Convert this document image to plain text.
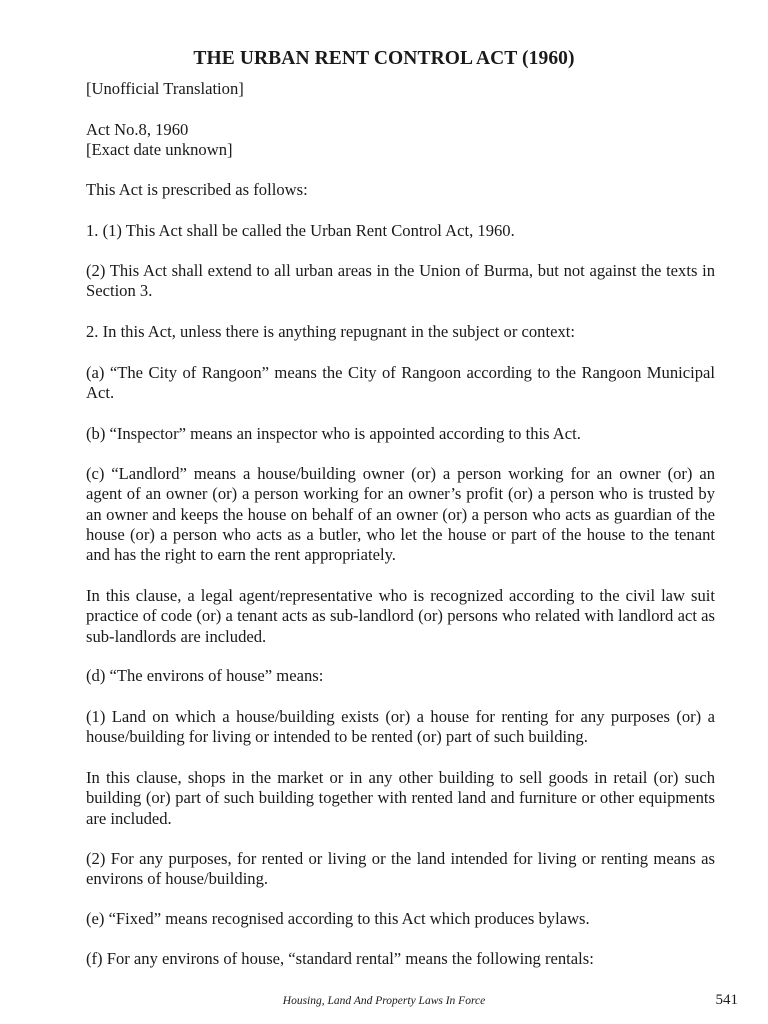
THE URBAN RENT CONTROL ACT (1960)

[Unofficial Translation]

Act No.8, 1960

[Exact date unknown]

This Act is prescribed as follows:

1. (1) This Act shall be called the Urban Rent Control Act, 1960.

(2) This Act shall extend to all urban areas in the Union of Burma, but not against the texts in Section 3.

2. In this Act, unless there is anything repugnant in the subject or context:

(a) “The City of Rangoon” means the City of Rangoon according to the Rangoon Municipal Act.

(b) “Inspector” means an inspector who is appointed according to this Act.

(c) “Landlord” means a house/building owner (or) a person working for an owner (or) an agent of an owner (or) a person working for an owner’s profit (or) a person who is trusted by an owner and keeps the house on behalf of an owner (or) a person who acts as guardian of the house (or) a person who acts as a butler, who let the house or part of the house to the tenant and has the right to earn the rent appropriately.

In this clause, a legal agent/representative who is recognized according to the civil law suit practice of code (or) a tenant acts as sub-landlord (or) persons who related with landlord act as sub-landlords are included.

(d) “The environs of house” means:

(1) Land on which a house/building exists (or) a house for renting for any purposes (or) a house/building for living or intended to be rented (or) part of such building.

In this clause, shops in the market or in any other building to sell goods in retail (or) such building (or) part of such building together with rented land and furniture or other equipments are included.

(2) For any purposes, for rented or living or the land intended for living or renting means as environs of house/building.

(e) “Fixed” means recognised according to this Act which produces bylaws.

(f) For any environs of house, “standard rental” means the following rentals:

Housing, Land And Property Laws In Force	541
